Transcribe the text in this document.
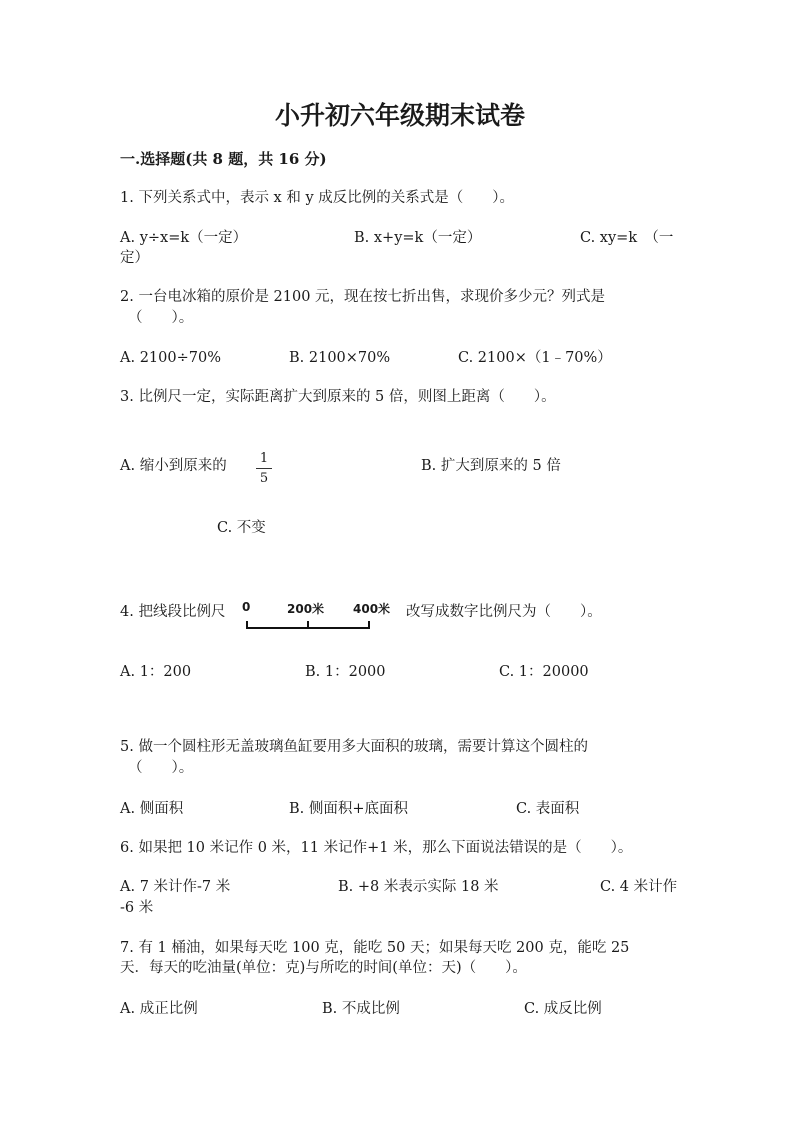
小升初六年级期末试卷
一.选择题(共 8 题，共 16 分)
1. 下列关系式中，表示 x 和 y 成反比例的关系式是（　　）。
A. y÷x=k（一定）	B. x+y=k（一定）	C. xy=k　（一
定）
2. 一台电冰箱的原价是 2100 元，现在按七折出售，求现价多少元？列式是
（　　）。
A. 2100÷70%	B. 2100×70%	C. 2100×（1﹣70%）
3. 比例尺一定，实际距离扩大到原来的 5 倍，则图上距离（　　）。
A. 缩小到原来的	1
5
B. 扩大到原来的 5 倍
C. 不变
4. 把线段比例尺 0	200米 400米 改写成数字比例尺为（　　）。
A. 1：200	B. 1：2000	C. 1：20000
5. 做一个圆柱形无盖玻璃鱼缸要用多大面积的玻璃，需要计算这个圆柱的
（　　）。
A. 侧面积	B. 侧面积+底面积	C. 表面积
6. 如果把 10 米记作 0 米，11 米记作+1 米，那么下面说法错误的是（　　）。
A. 7 米计作-7 米	B. +8 米表示实际 18 米	C. 4 米计作
-6 米
7. 有 1 桶油，如果每天吃 100 克，能吃 50 天；如果每天吃 200 克，能吃 25
天．每天的吃油量(单位：克)与所吃的时间(单位：天)（　　）。
A. 成正比例	B. 不成比例	C. 成反比例
